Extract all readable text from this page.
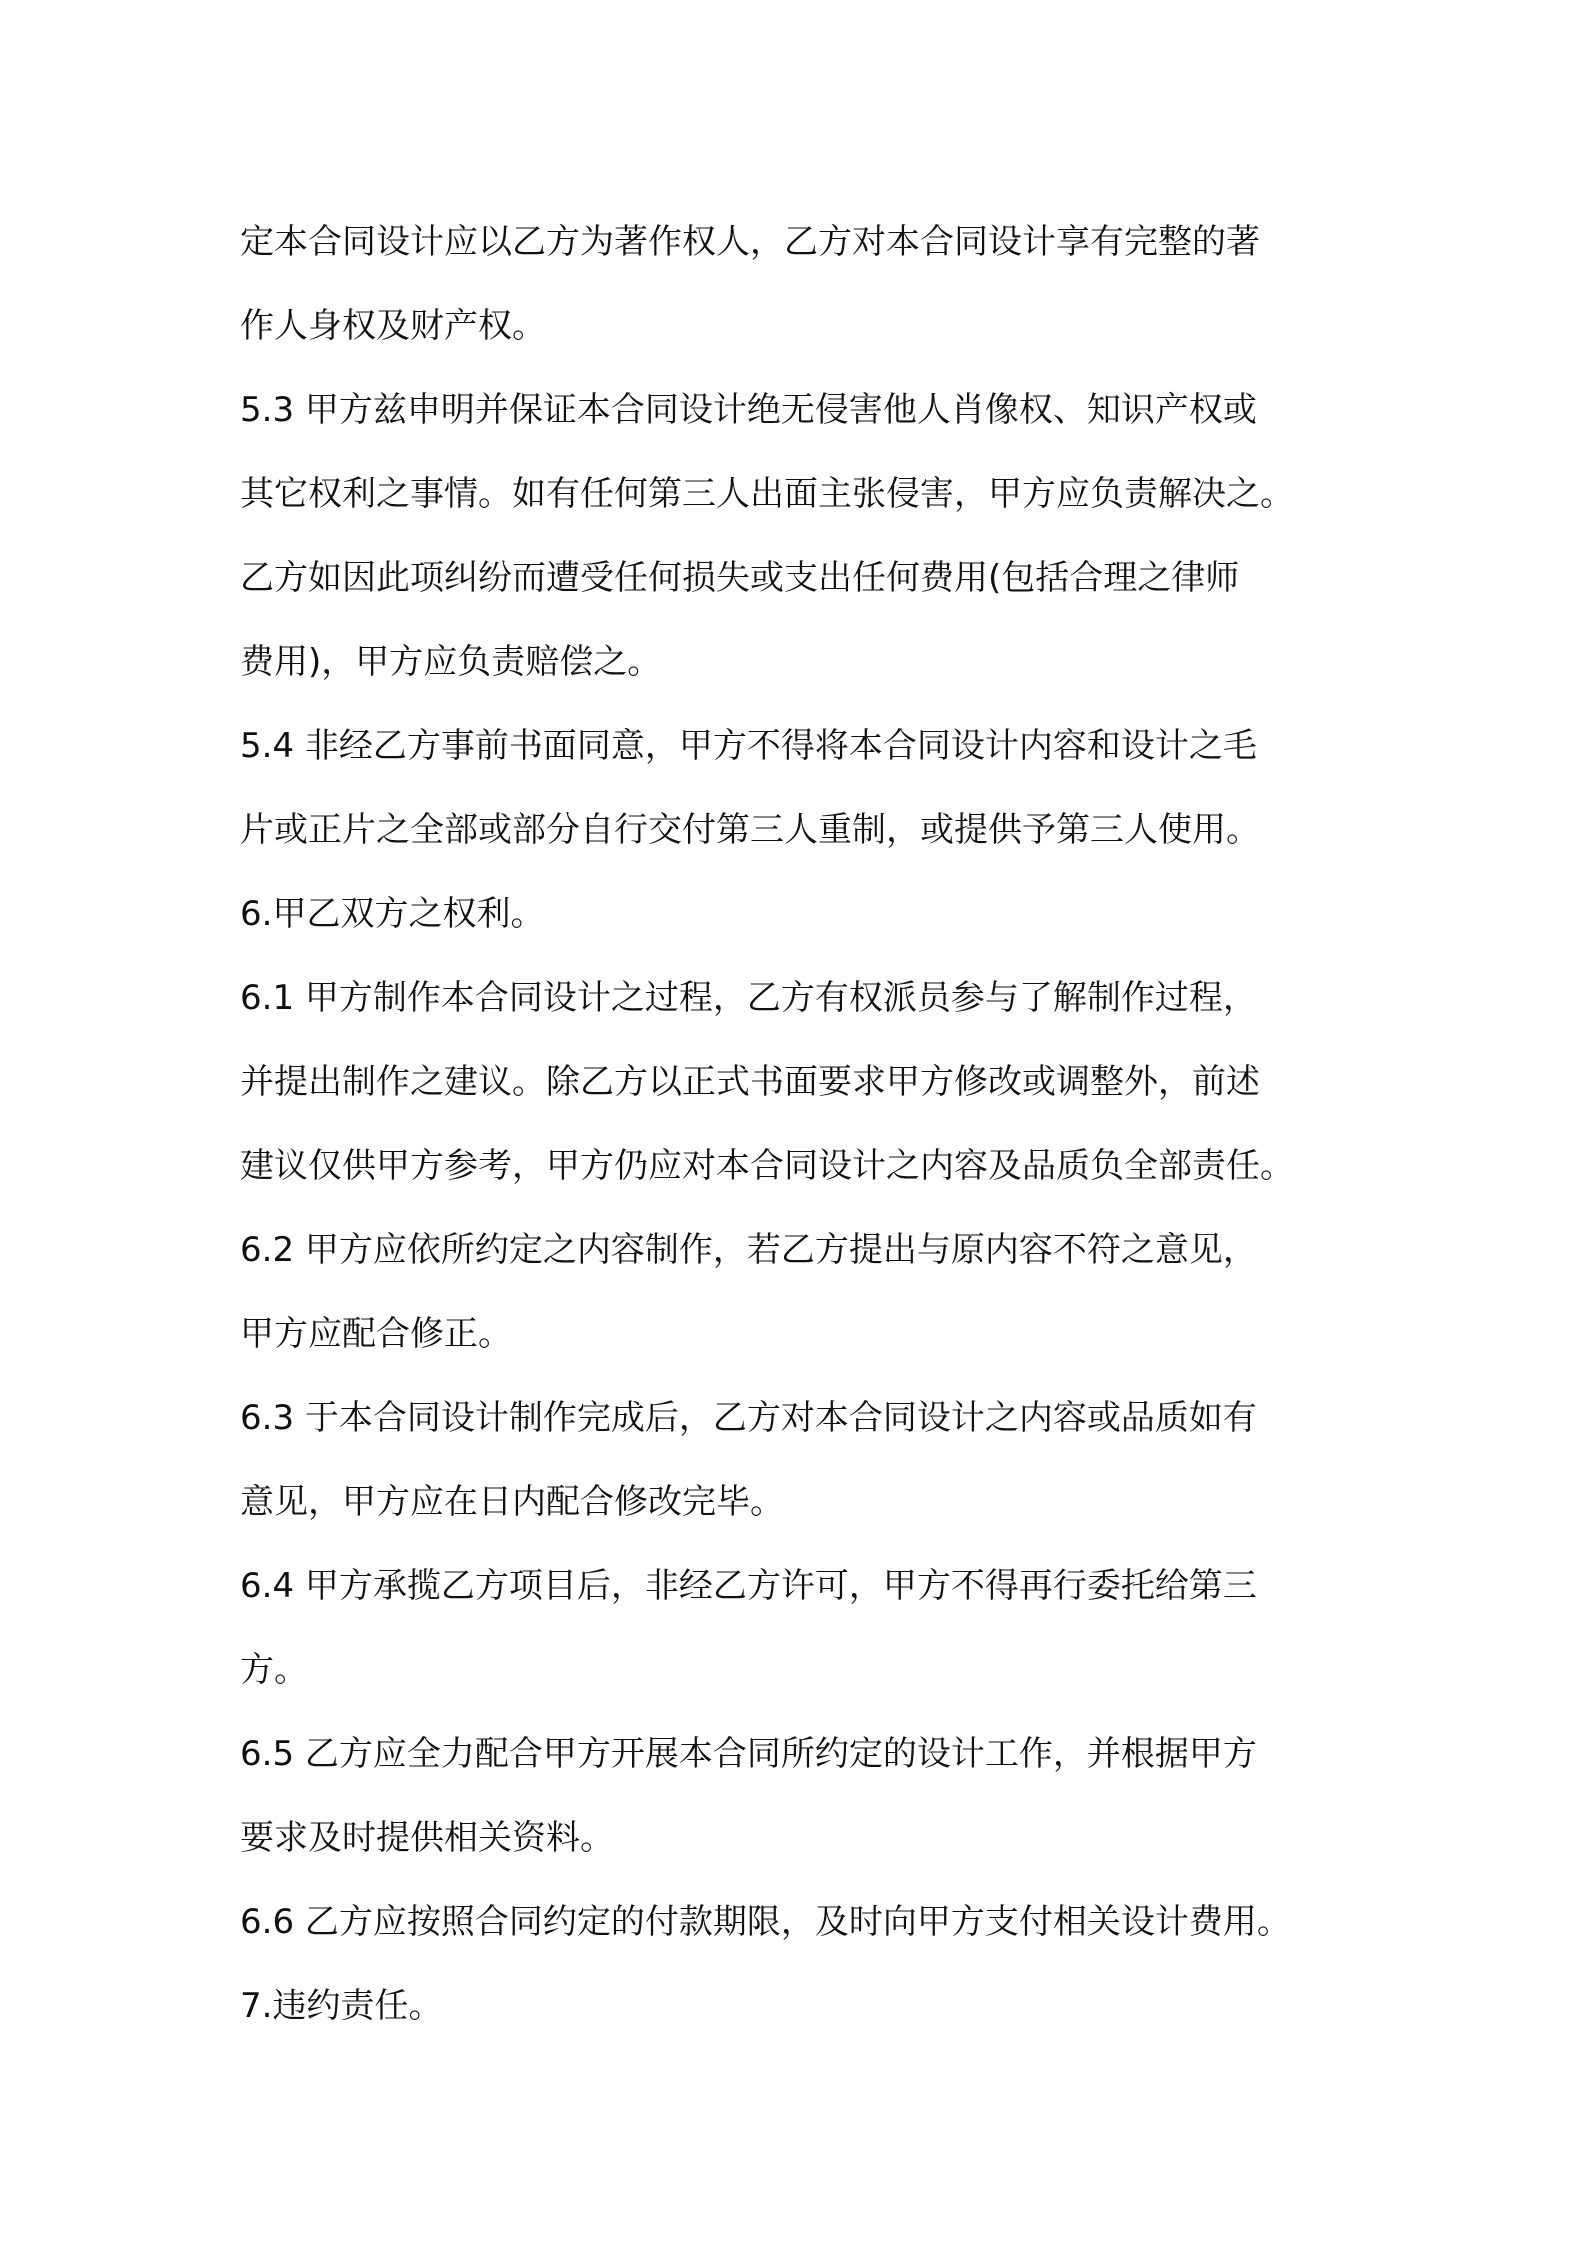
定本合同设计应以乙方为著作权人，乙方对本合同设计享有完整的著
作人身权及财产权。
5.3 甲方兹申明并保证本合同设计绝无侵害他人肖像权、知识产权或
其它权利之事情。如有任何第三人出面主张侵害，甲方应负责解决之。
乙方如因此项纠纷而遭受任何损失或支出任何费用(包括合理之律师
费用)，甲方应负责赔偿之。
5.4 非经乙方事前书面同意，甲方不得将本合同设计内容和设计之毛
片或正片之全部或部分自行交付第三人重制，或提供予第三人使用。
6.甲乙双方之权利。
6.1 甲方制作本合同设计之过程，乙方有权派员参与了解制作过程，
并提出制作之建议。除乙方以正式书面要求甲方修改或调整外，前述
建议仅供甲方参考，甲方仍应对本合同设计之内容及品质负全部责任。
6.2 甲方应依所约定之内容制作，若乙方提出与原内容不符之意见，
甲方应配合修正。
6.3 于本合同设计制作完成后，乙方对本合同设计之内容或品质如有
意见，甲方应在日内配合修改完毕。
6.4 甲方承揽乙方项目后，非经乙方许可，甲方不得再行委托给第三
方。
6.5 乙方应全力配合甲方开展本合同所约定的设计工作，并根据甲方
要求及时提供相关资料。
6.6 乙方应按照合同约定的付款期限，及时向甲方支付相关设计费用。
7.违约责任。
